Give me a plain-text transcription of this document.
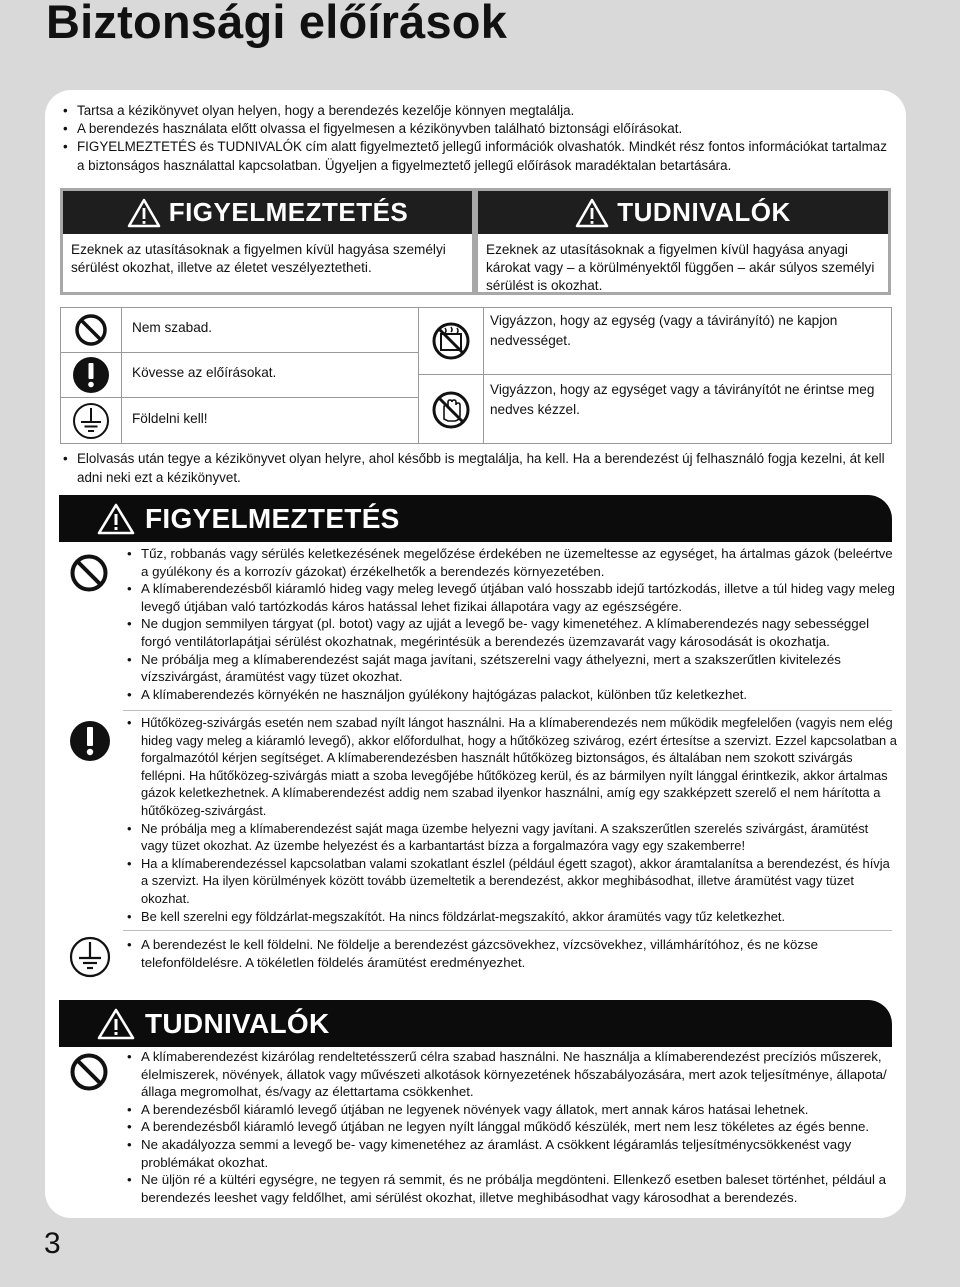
Biztonsági előírások
• Tartsa a kézikönyvet olyan helyen, hogy a berendezés kezelője könnyen megtalálja.
• A berendezés használata előtt olvassa el figyelmesen a kézikönyvben található biztonsági előírásokat.
• FIGYELMEZTETÉS és TUDNIVALÓK cím alatt figyelmeztető jellegű információk olvashatók. Mindkét rész fontos információkat tartalmaz a biztonságos használattal kapcsolatban. Ügyeljen a figyelmeztető jellegű előírások maradéktalan betartására.
FIGYELMEZTETÉS
Ezeknek az utasításoknak a figyelmen kívül hagyása személyi sérülést okozhat, illetve az életet veszélyeztetheti.
TUDNIVALÓK
Ezeknek az utasításoknak a figyelmen kívül hagyása anyagi károkat vagy – a körülményektől függően – akár súlyos személyi sérülést is okozhat.
Nem szabad.
Kövesse az előírásokat.
Földelni kell!
Vigyázzon, hogy az egység (vagy a távirányító) ne kapjon nedvességet.
Vigyázzon, hogy az egységet vagy a távirányítót ne érintse meg nedves kézzel.
• Elolvasás után tegye a kézikönyvet olyan helyre, ahol később is megtalálja, ha kell. Ha a berendezést új felhasználó fogja kezelni, át kell adni neki ezt a kézikönyvet.
FIGYELMEZTETÉS
• Tűz, robbanás vagy sérülés keletkezésének megelőzése érdekében ne üzemeltesse az egységet, ha ártalmas gázok (beleértve a gyúlékony és a korrozív gázokat) érzékelhetők a berendezés környezetében.
• A klímaberendezésből kiáramló hideg vagy meleg levegő útjában való hosszabb idejű tartózkodás, illetve a túl hideg vagy meleg levegő útjában való tartózkodás káros hatással lehet fizikai állapotára vagy az egészségére.
• Ne dugjon semmilyen tárgyat (pl. botot) vagy az ujját a levegő be- vagy kimenetéhez. A klímaberendezés nagy sebességgel forgó ventilátorlapátjai sérülést okozhatnak, megérintésük a berendezés üzemzavarát vagy károsodását is okozhatja.
• Ne próbálja meg a klímaberendezést saját maga javítani, szétszerelni vagy áthelyezni, mert a szakszerűtlen kivitelezés vízszivárgást, áramütést vagy tüzet okozhat.
• A klímaberendezés környékén ne használjon gyúlékony hajtógázas palackot, különben tűz keletkezhet.
• Hűtőközeg-szivárgás esetén nem szabad nyílt lángot használni. Ha a klímaberendezés nem működik megfelelően (vagyis nem elég hideg vagy meleg a kiáramló levegő), akkor előfordulhat, hogy a hűtőközeg szivárog, ezért értesítse a szervizt. Ezzel kapcsolatban a forgalmazótól kérjen segítséget. A klímaberendezésben használt hűtőközeg biztonságos, és általában nem szokott szivárgás fellépni. Ha hűtőközeg-szivárgás miatt a szoba levegőjébe hűtőközeg kerül, és az bármilyen nyílt lánggal érintkezik, akkor ártalmas gázok keletkezhetnek. A klímaberendezést addig nem szabad ilyenkor használni, amíg egy szakképzett szerelő el nem hárította a hűtőközeg-szivárgást.
• Ne próbálja meg a klímaberendezést saját maga üzembe helyezni vagy javítani. A szakszerűtlen szerelés szivárgást, áramütést vagy tüzet okozhat. Az üzembe helyezést és a karbantartást bízza a forgalmazóra vagy egy szakemberre!
• Ha a klímaberendezéssel kapcsolatban valami szokatlant észlel (például égett szagot), akkor áramtalanítsa a berendezést, és hívja a szervizt. Ha ilyen körülmények között tovább üzemeltetik a berendezést, akkor meghibásodhat, illetve áramütést vagy tüzet okozhat.
• Be kell szerelni egy földzárlat-megszakítót. Ha nincs földzárlat-megszakító, akkor áramütés vagy tűz keletkezhet.
• A berendezést le kell földelni. Ne földelje a berendezést gázcsövekhez, vízcsövekhez, villámhárítóhoz, és ne közse telefonföldelésre. A tökéletlen földelés áramütést eredményezhet.
TUDNIVALÓK
• A klímaberendezést kizárólag rendeltetésszerű célra szabad használni. Ne használja a klímaberendezést precíziós műszerek, élelmiszerek, növények, állatok vagy művészeti alkotások környezetének hőszabályozására, mert azok teljesítménye, állapota/állaga megromolhat, és/vagy az élettartama csökkenhet.
• A berendezésből kiáramló levegő útjában ne legyenek növények vagy állatok, mert annak káros hatásai lehetnek.
• A berendezésből kiáramló levegő útjában ne legyen nyílt lánggal működő készülék, mert nem lesz tökéletes az égés benne.
• Ne akadályozza semmi a levegő be- vagy kimenetéhez az áramlást. A csökkent légáramlás teljesítménycsökkenést vagy problémákat okozhat.
• Ne üljön ré a kültéri egységre, ne tegyen rá semmit, és ne próbálja megdönteni. Ellenkező esetben baleset történhet, például a berendezés leeshet vagy feldőlhet, ami sérülést okozhat, illetve meghibásodhat vagy károsodhat a berendezés.
3
